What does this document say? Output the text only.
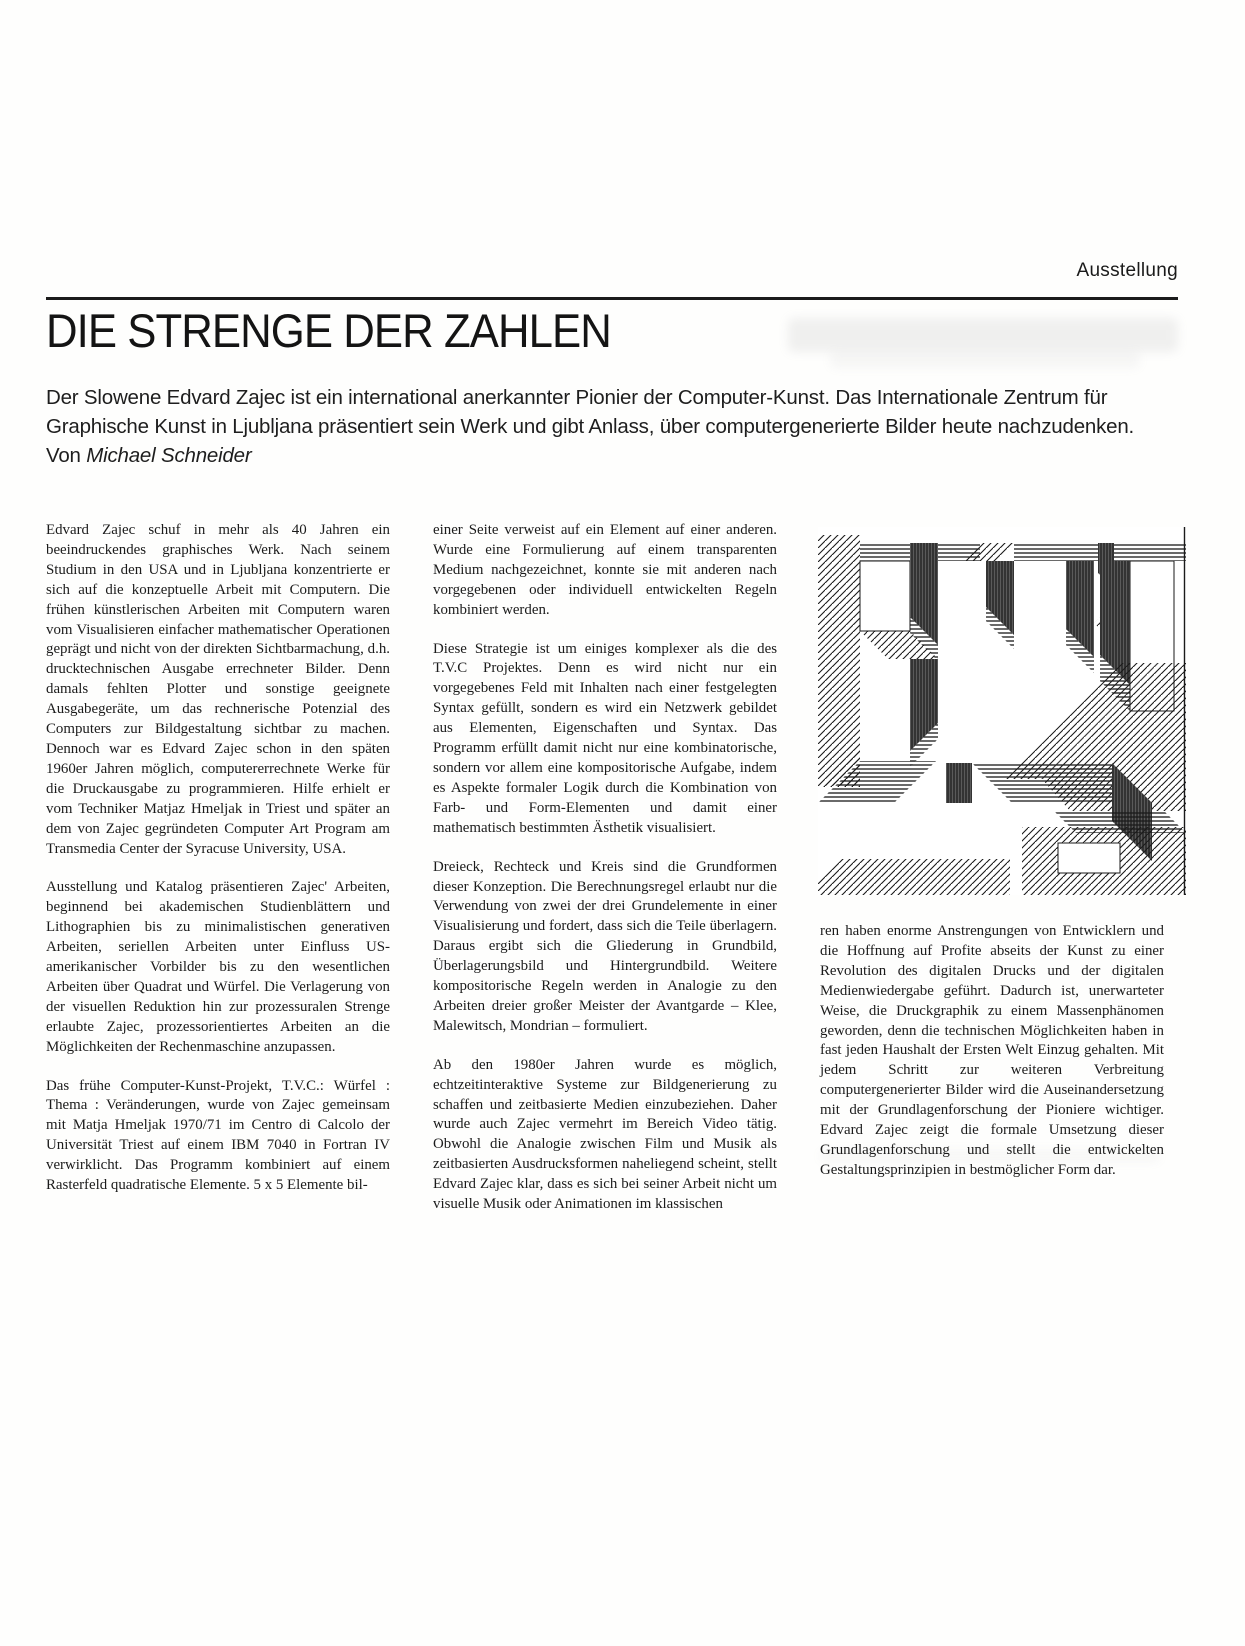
Ausstellung
DIE STRENGE DER ZAHLEN
Der Slowene Edvard Zajec ist ein international anerkannter Pionier der Computer-Kunst. Das Internationale Zentrum für Graphische Kunst in Ljubljana präsentiert sein Werk und gibt Anlass, über computergenerierte Bilder heute nachzudenken.
Von Michael Schneider

Edvard Zajec schuf in mehr als 40 Jahren ein beeindruckendes graphisches Werk. Nach seinem Studium in den USA und in Ljubljana konzentrierte er sich auf die konzeptuelle Arbeit mit Computern. Die frühen künstlerischen Arbeiten mit Computern waren vom Visualisieren einfacher mathematischer Operationen geprägt und nicht von der direkten Sichtbarmachung, d.h. drucktechnischen Ausgabe errechneter Bilder. Denn damals fehlten Plotter und sonstige geeignete Ausgabegeräte, um das rechnerische Potenzial des Computers zur Bildgestaltung sichtbar zu machen. Dennoch war es Edvard Zajec schon in den späten 1960er Jahren möglich, computererrechnete Werke für die Druckausgabe zu programmieren. Hilfe erhielt er vom Techniker Matjaz Hmeljak in Triest und später an dem von Zajec gegründeten Computer Art Program am Transmedia Center der Syracuse University, USA.

Ausstellung und Katalog präsentieren Zajec' Arbeiten, beginnend bei akademischen Studienblättern und Lithographien bis zu minimalistischen generativen Arbeiten, seriellen Arbeiten unter Einfluss US-amerikanischer Vorbilder bis zu den wesentlichen Arbeiten über Quadrat und Würfel. Die Verlagerung von der visuellen Reduktion hin zur prozessuralen Strenge erlaubte Zajec, prozessorientiertes Arbeiten an die Möglichkeiten der Rechenmaschine anzupassen.

Das frühe Computer-Kunst-Projekt, T.V.C.: Würfel : Thema : Veränderungen, wurde von Zajec gemeinsam mit Matja Hmeljak 1970/71 im Centro di Calcolo der Universität Triest auf einem IBM 7040 in Fortran IV verwirklicht. Das Programm kombiniert auf einem Rasterfeld quadratische Elemente. 5 x 5 Elemente bil-

einer Seite verweist auf ein Element auf einer anderen. Wurde eine Formulierung auf einem transparenten Medium nachgezeichnet, konnte sie mit anderen nach vorgegebenen oder individuell entwickelten Regeln kombiniert werden.

Diese Strategie ist um einiges komplexer als die des T.V.C Projektes. Denn es wird nicht nur ein vorgegebenes Feld mit Inhalten nach einer festgelegten Syntax gefüllt, sondern es wird ein Netzwerk gebildet aus Elementen, Eigenschaften und Syntax. Das Programm erfüllt damit nicht nur eine kombinatorische, sondern vor allem eine kompositorische Aufgabe, indem es Aspekte formaler Logik durch die Kombination von Farb- und Form-Elementen und damit einer mathematisch bestimmten Ästhetik visualisiert.

Dreieck, Rechteck und Kreis sind die Grundformen dieser Konzeption. Die Berechnungsregel erlaubt nur die Verwendung von zwei der drei Grundelemente in einer Visualisierung und fordert, dass sich die Teile überlagern. Daraus ergibt sich die Gliederung in Grundbild, Überlagerungsbild und Hintergrundbild. Weitere kompositorische Regeln werden in Analogie zu den Arbeiten dreier großer Meister der Avantgarde – Klee, Malewitsch, Mondrian – formuliert.

Ab den 1980er Jahren wurde es möglich, echtzeitinteraktive Systeme zur Bildgenerierung zu schaffen und zeitbasierte Medien einzubeziehen. Daher wurde auch Zajec vermehrt im Bereich Video tätig. Obwohl die Analogie zwischen Film und Musik als zeitbasierten Ausdrucksformen naheliegend scheint, stellt Edvard Zajec klar, dass es sich bei seiner Arbeit nicht um visuelle Musik oder Animationen im klassischen

ren haben enorme Anstrengungen von Entwicklern und die Hoffnung auf Profite abseits der Kunst zu einer Revolution des digitalen Drucks und der digitalen Medienwiedergabe geführt. Dadurch ist, unerwarteter Weise, die Druckgraphik zu einem Massenphänomen geworden, denn die technischen Möglichkeiten haben in fast jeden Haushalt der Ersten Welt Einzug gehalten. Mit jedem Schritt zur weiteren Verbreitung computergenerierter Bilder wird die Auseinandersetzung mit der Grundlagenforschung der Pioniere wichtiger. Edvard Zajec zeigt die formale Umsetzung dieser Grundlagenforschung und stellt die entwickelten Gestaltungsprinzipien in bestmöglicher Form dar.
